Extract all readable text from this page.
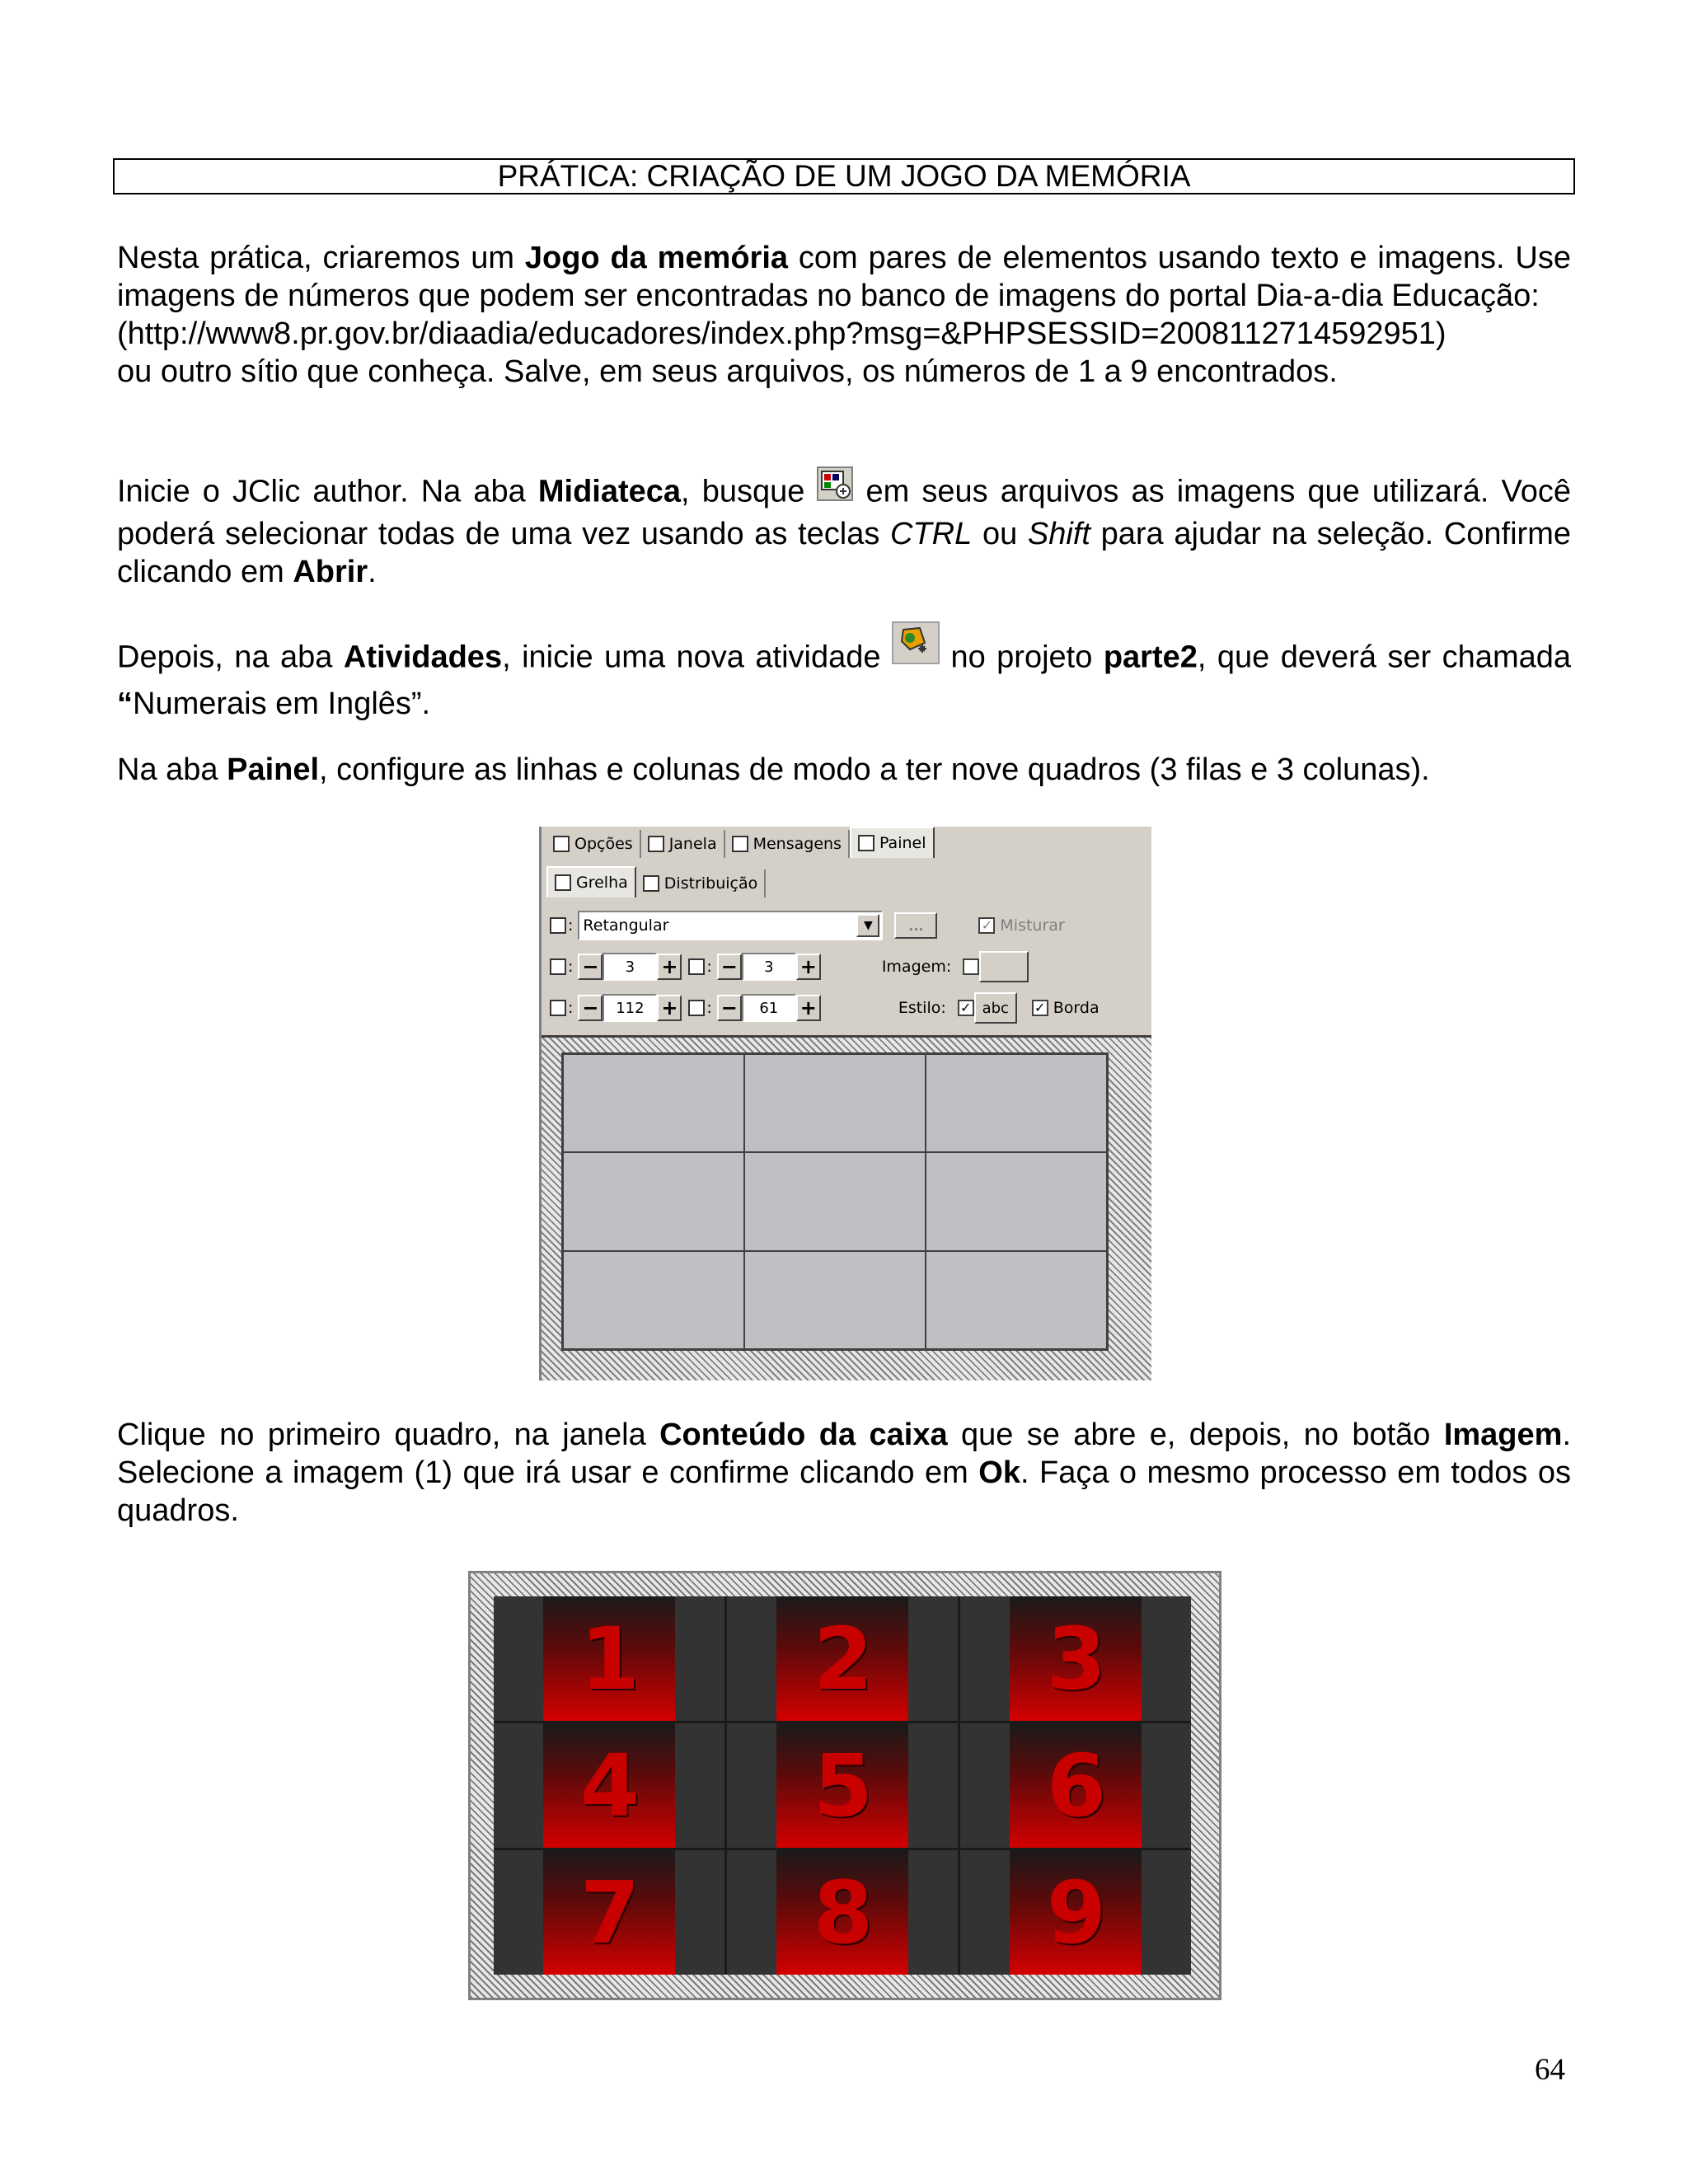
PRÁTICA: CRIAÇÃO DE UM JOGO DA MEMÓRIA
Nesta prática, criaremos um Jogo da memória com pares de elementos usando texto e imagens. Use imagens de números que podem ser encontradas no banco de imagens do portal Dia-a-dia Educação:
(http://www8.pr.gov.br/diaadia/educadores/index.php?msg=&PHPSESSID=2008112714592951)
ou outro sítio que conheça. Salve, em seus arquivos, os números de 1 a 9 encontrados.
Inicie o JClic author. Na aba Midiateca, busque  em seus arquivos as imagens que utilizará. Você poderá selecionar todas de uma vez usando as teclas CTRL ou Shift para ajudar na seleção. Confirme clicando em Abrir.
Depois, na aba Atividades, inicie uma nova atividade  no projeto parte2, que deverá ser chamada “Numerais em Inglês”.
Na aba Painel, configure as linhas e colunas de modo a ter nove quadros (3 filas e 3 colunas).
Opções Janela Mensagens Painel
Grelha Distribuição
: Retangular	▼	...	✓ Misturar
: −	3	+ : −	3	+	Imagem:
: −	112 + : −	61	+	Estilo: ✓ abc	✓ Borda
Clique no primeiro quadro, na janela Conteúdo da caixa que se abre e, depois, no botão Imagem. Selecione a imagem (1) que irá usar e confirme clicando em Ok. Faça o mesmo processo em todos os quadros.
1 2 3
4 5 6
7 8 9
64
